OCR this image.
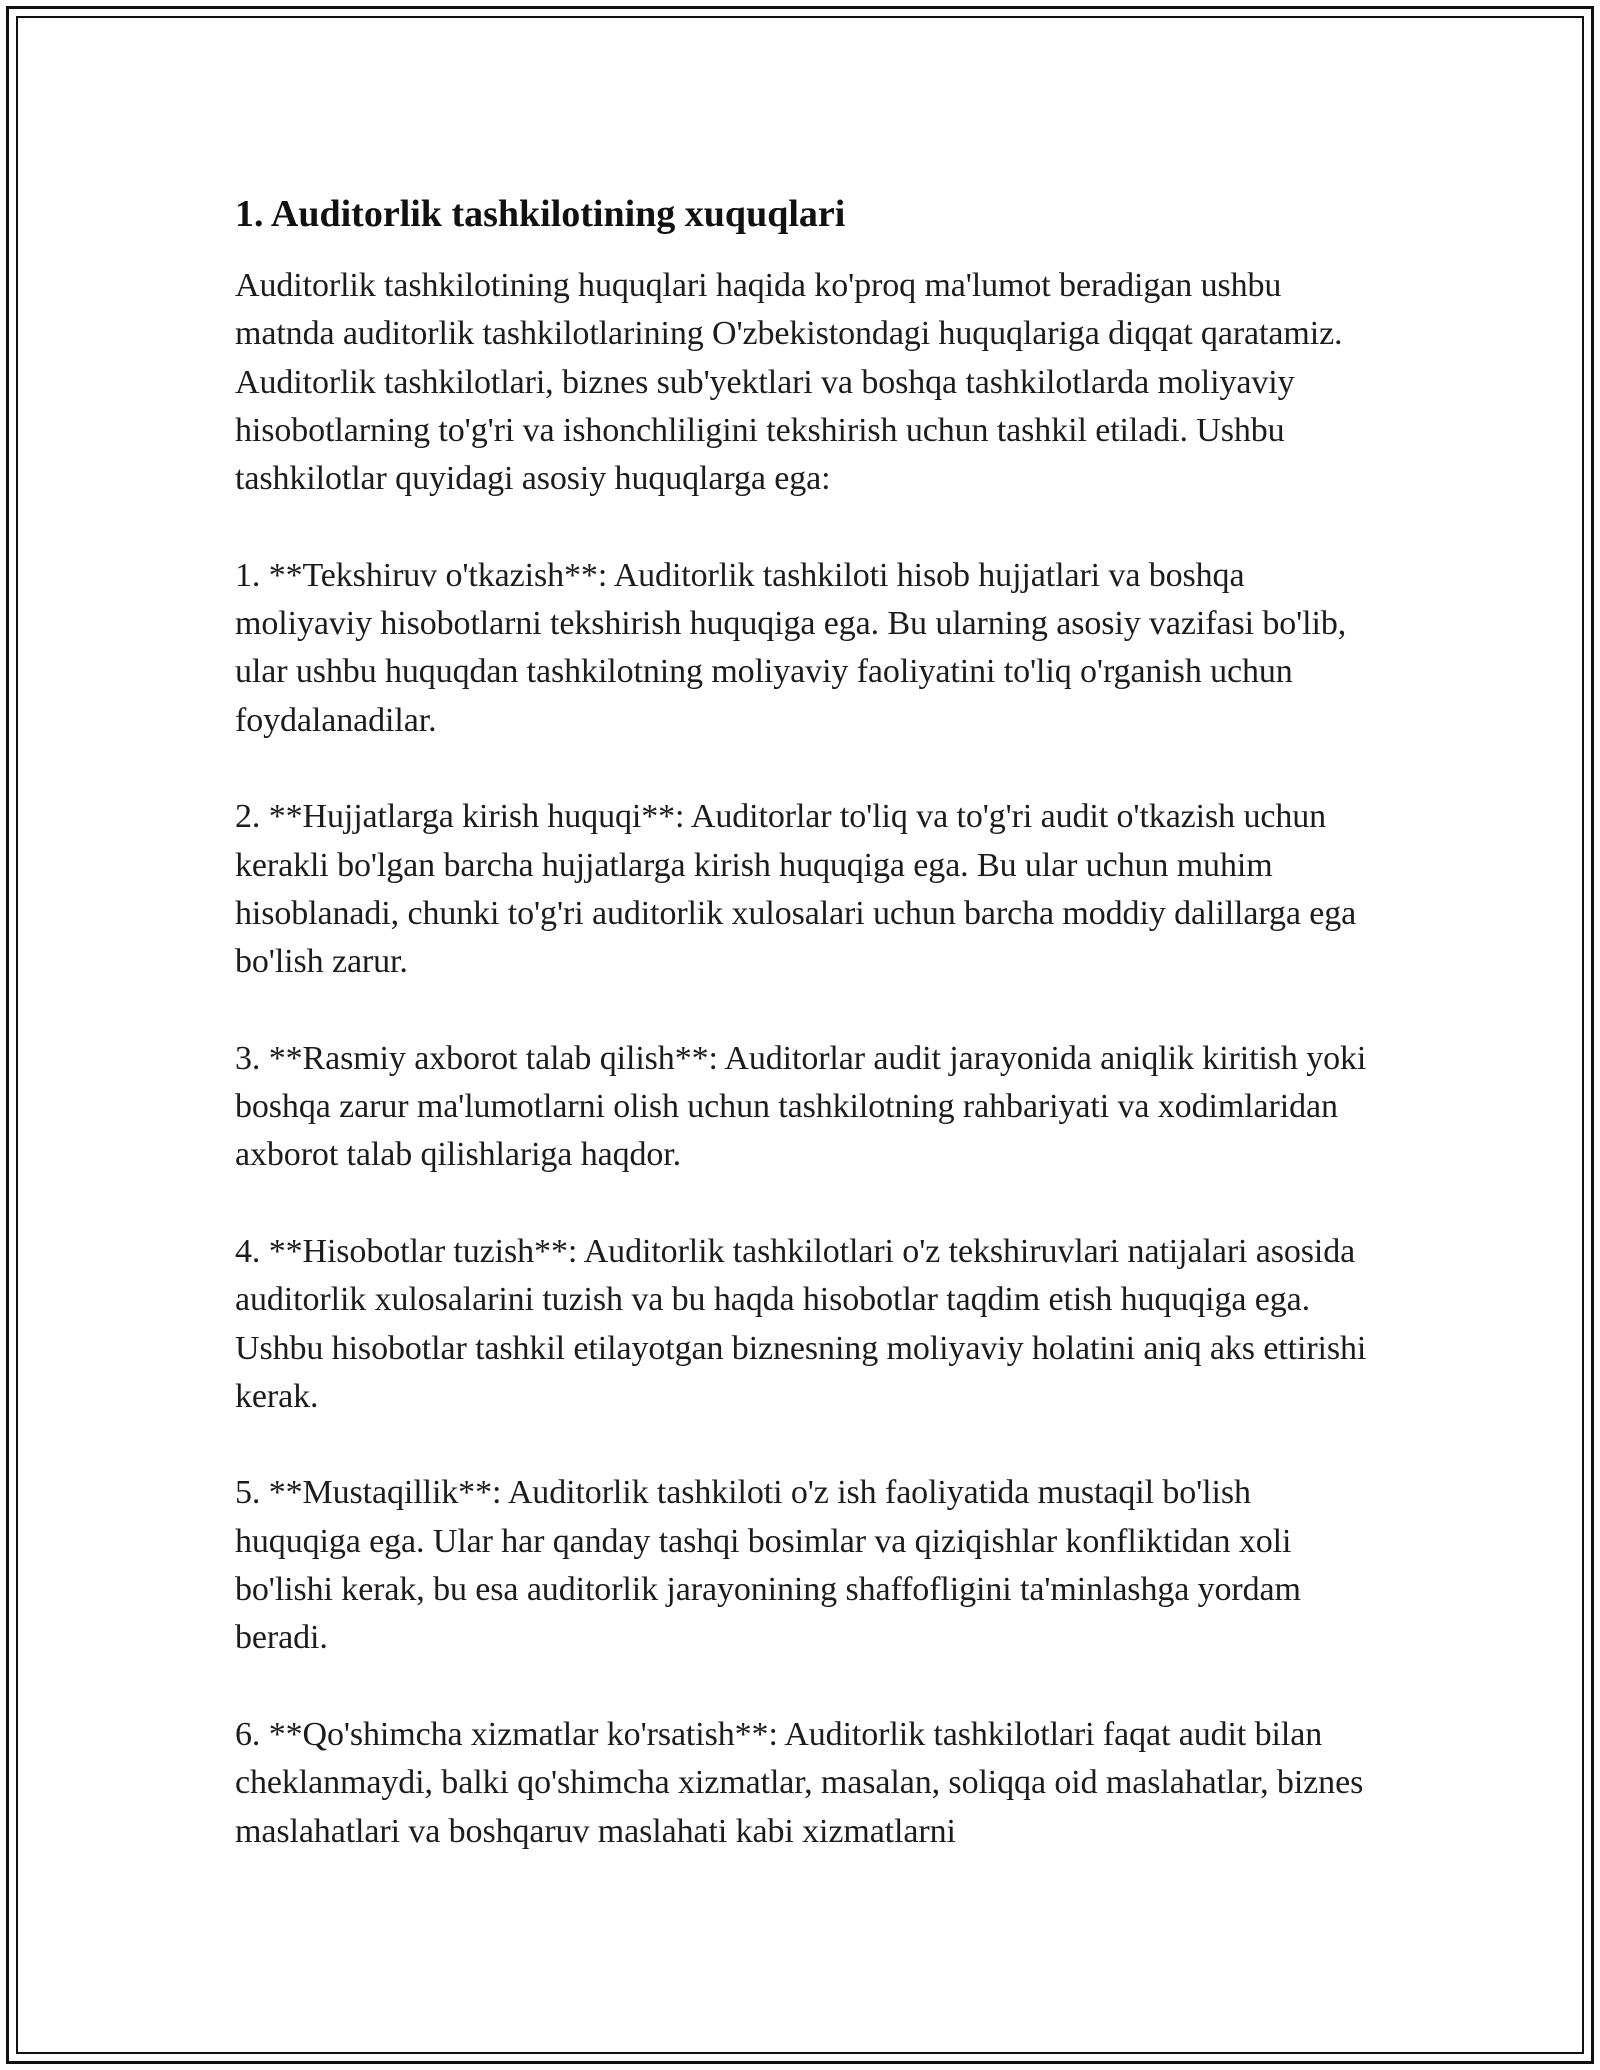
1. Auditorlik tashkilotining xuquqlari

Auditorlik tashkilotining huquqlari haqida ko'proq ma'lumot beradigan ushbu matnda auditorlik tashkilotlarining O'zbekistondagi huquqlariga diqqat qaratamiz. Auditorlik tashkilotlari, biznes sub'yektlari va boshqa tashkilotlarda moliyaviy hisobotlarning to'g'ri va ishonchliligini tekshirish uchun tashkil etiladi. Ushbu tashkilotlar quyidagi asosiy huquqlarga ega:

1. **Tekshiruv o'tkazish**: Auditorlik tashkiloti hisob hujjatlari va boshqa moliyaviy hisobotlarni tekshirish huquqiga ega. Bu ularning asosiy vazifasi bo'lib, ular ushbu huquqdan tashkilotning moliyaviy faoliyatini to'liq o'rganish uchun foydalanadilar.

2. **Hujjatlarga kirish huquqi**: Auditorlar to'liq va to'g'ri audit o'tkazish uchun kerakli bo'lgan barcha hujjatlarga kirish huquqiga ega. Bu ular uchun muhim hisoblanadi, chunki to'g'ri auditorlik xulosalari uchun barcha moddiy dalillarga ega bo'lish zarur.

3. **Rasmiy axborot talab qilish**: Auditorlar audit jarayonida aniqlik kiritish yoki boshqa zarur ma'lumotlarni olish uchun tashkilotning rahbariyati va xodimlaridan axborot talab qilishlariga haqdor.

4. **Hisobotlar tuzish**: Auditorlik tashkilotlari o'z tekshiruvlari natijalari asosida auditorlik xulosalarini tuzish va bu haqda hisobotlar taqdim etish huquqiga ega. Ushbu hisobotlar tashkil etilayotgan biznesning moliyaviy holatini aniq aks ettirishi kerak.

5. **Mustaqillik**: Auditorlik tashkiloti o'z ish faoliyatida mustaqil bo'lish huquqiga ega. Ular har qanday tashqi bosimlar va qiziqishlar konfliktidan xoli bo'lishi kerak, bu esa auditorlik jarayonining shaffofligini ta'minlashga yordam beradi.

6. **Qo'shimcha xizmatlar ko'rsatish**: Auditorlik tashkilotlari faqat audit bilan cheklanmaydi, balki qo'shimcha xizmatlar, masalan, soliqqa oid maslahatlar, biznes maslahatlari va boshqaruv maslahati kabi xizmatlarni
